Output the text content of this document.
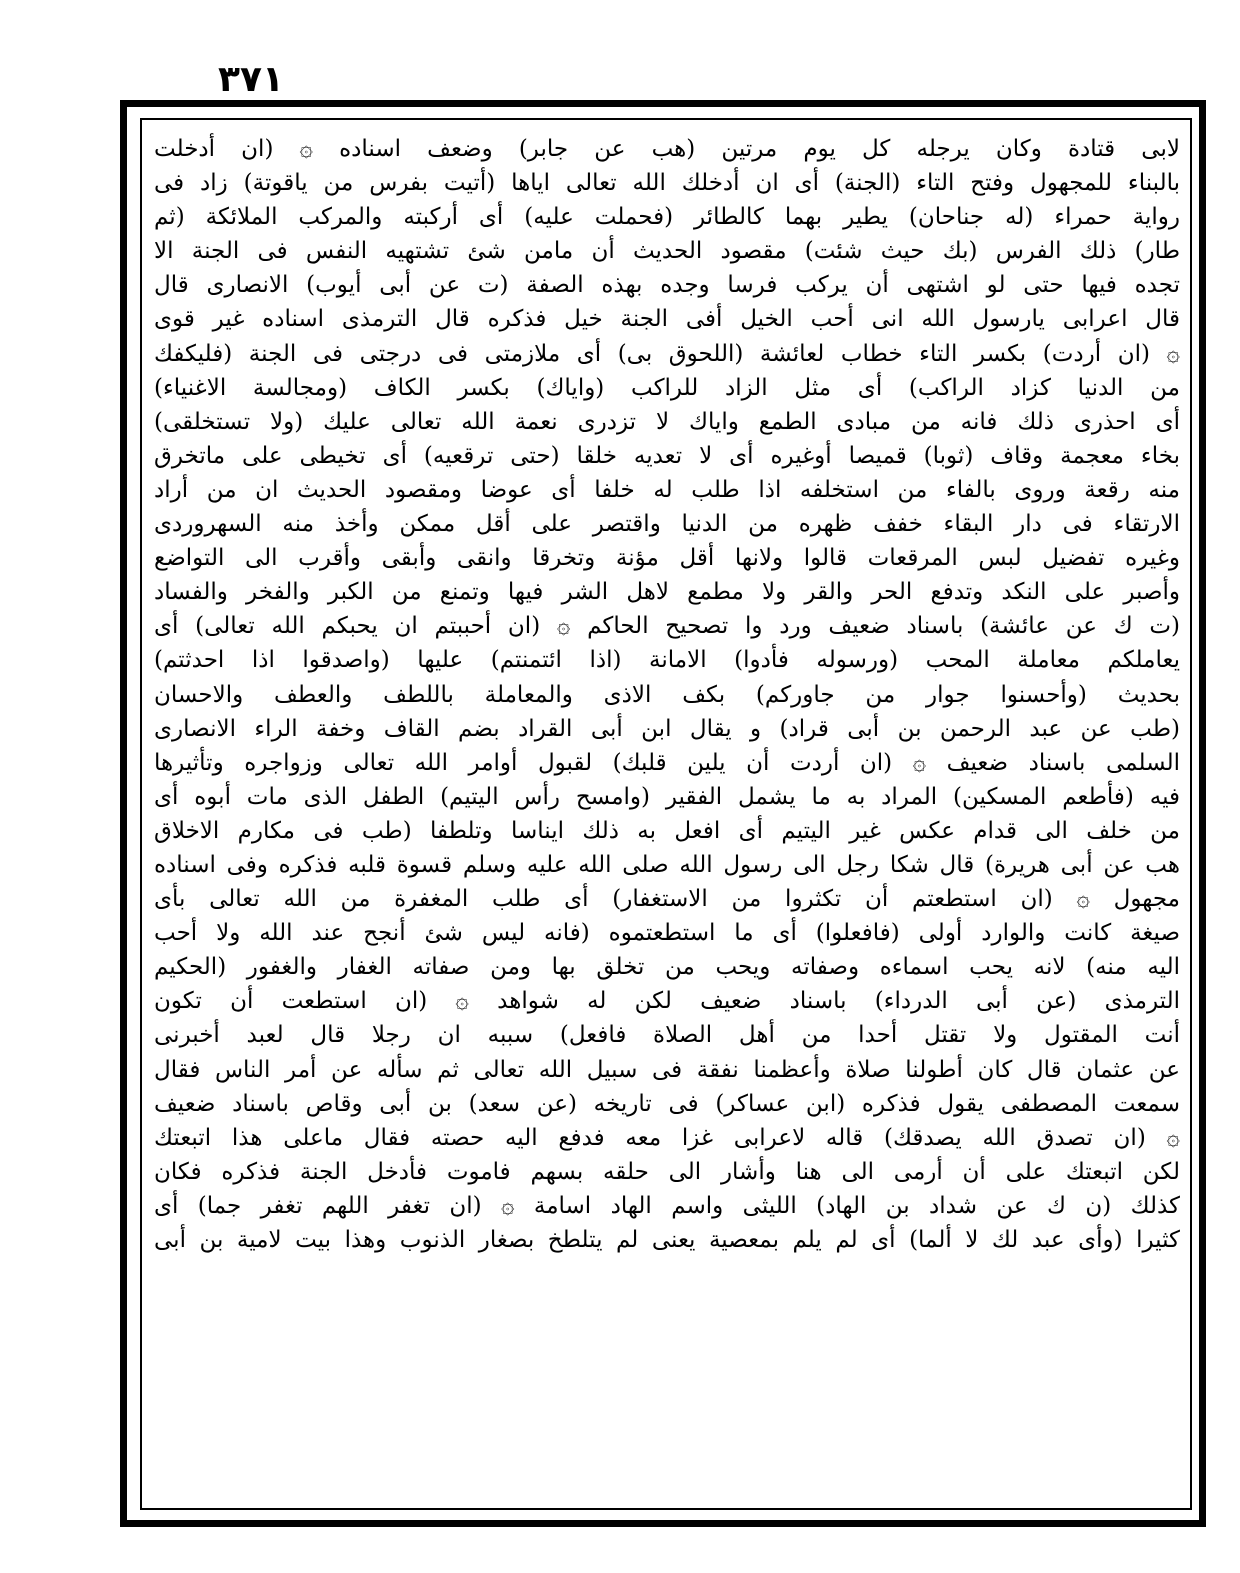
٣٧١
لابى قتادة وكان يرجله كل يوم مرتين (هب عن جابر) وضعف اسناده ۞ (ان أدخلت
بالبناء للمجهول وفتح التاء (الجنة) أى ان أدخلك الله تعالى اياها (أتيت بفرس من ياقوتة) زاد فى
رواية حمراء (له جناحان) يطير بهما كالطائر (فحملت عليه) أى أركبته والمركب الملائكة (ثم
طار) ذلك الفرس (بك حيث شئت) مقصود الحديث أن مامن شئ تشتهيه النفس فى الجنة الا
تجده فيها حتى لو اشتهى أن يركب فرسا وجده بهذه الصفة (ت عن أبى أيوب) الانصارى قال
قال اعرابى يارسول الله انى أحب الخيل أفى الجنة خيل فذكره قال الترمذى اسناده غير قوى
۞ (ان أردت) بكسر التاء خطاب لعائشة (اللحوق بى) أى ملازمتى فى درجتى فى الجنة (فليكفك
من الدنيا كزاد الراكب) أى مثل الزاد للراكب (واياك) بكسر الكاف (ومجالسة الاغنياء)
أى احذرى ذلك فانه من مبادى الطمع واياك لا تزدرى نعمة الله تعالى عليك (ولا تستخلقى)
بخاء معجمة وقاف (ثوبا) قميصا أوغيره أى لا تعديه خلقا (حتى ترقعيه) أى تخيطى على ماتخرق
منه رقعة وروى بالفاء من استخلفه اذا طلب له خلفا أى عوضا ومقصود الحديث ان من أراد
الارتقاء فى دار البقاء خفف ظهره من الدنيا واقتصر على أقل ممكن وأخذ منه السهروردى
وغيره تفضيل لبس المرقعات قالوا ولانها أقل مؤنة وتخرقا وانقى وأبقى وأقرب الى التواضع
وأصبر على النكد وتدفع الحر والقر ولا مطمع لاهل الشر فيها وتمنع من الكبر والفخر والفساد
(ت ك عن عائشة) باسناد ضعيف ورد وا تصحيح الحاكم ۞ (ان أحببتم ان يحبكم الله تعالى) أى
يعاملكم معاملة المحب (ورسوله فأدوا) الامانة (اذا ائتمنتم) عليها (واصدقوا اذا احدثتم)
بحديث (وأحسنوا جوار من جاوركم) بكف الاذى والمعاملة باللطف والعطف والاحسان
(طب عن عبد الرحمن بن أبى قراد) و يقال ابن أبى القراد بضم القاف وخفة الراء الانصارى
السلمى باسناد ضعيف ۞ (ان أردت أن يلين قلبك) لقبول أوامر الله تعالى وزواجره وتأثيرها
فيه (فأطعم المسكين) المراد به ما يشمل الفقير (وامسح رأس اليتيم) الطفل الذى مات أبوه أى
من خلف الى قدام عكس غير اليتيم أى افعل به ذلك ايناسا وتلطفا (طب فى مكارم الاخلاق
هب عن أبى هريرة) قال شكا رجل الى رسول الله صلى الله عليه وسلم قسوة قلبه فذكره وفى اسناده
مجهول ۞ (ان استطعتم أن تكثروا من الاستغفار) أى طلب المغفرة من الله تعالى بأى
صيغة كانت والوارد أولى (فافعلوا) أى ما استطعتموه (فانه ليس شئ أنجح عند الله ولا أحب
اليه منه) لانه يحب اسماءه وصفاته ويحب من تخلق بها ومن صفاته الغفار والغفور (الحكيم
الترمذى (عن أبى الدرداء) باسناد ضعيف لكن له شواهد ۞ (ان استطعت أن تكون
أنت المقتول ولا تقتل أحدا من أهل الصلاة فافعل) سببه ان رجلا قال لعبد أخبرنى
عن عثمان قال كان أطولنا صلاة وأعظمنا نفقة فى سبيل الله تعالى ثم سأله عن أمر الناس فقال
سمعت المصطفى يقول فذكره (ابن عساكر) فى تاريخه (عن سعد) بن أبى وقاص باسناد ضعيف
۞ (ان تصدق الله يصدقك) قاله لاعرابى غزا معه فدفع اليه حصته فقال ماعلى هذا اتبعتك
لكن اتبعتك على أن أرمى الى هنا وأشار الى حلقه بسهم فاموت فأدخل الجنة فذكره فكان
كذلك (ن ك عن شداد بن الهاد) الليثى واسم الهاد اسامة ۞ (ان تغفر اللهم تغفر جما) أى
كثيرا (وأى عبد لك لا ألما) أى لم يلم بمعصية يعنى لم يتلطخ بصغار الذنوب وهذا بيت لامية بن أبى
